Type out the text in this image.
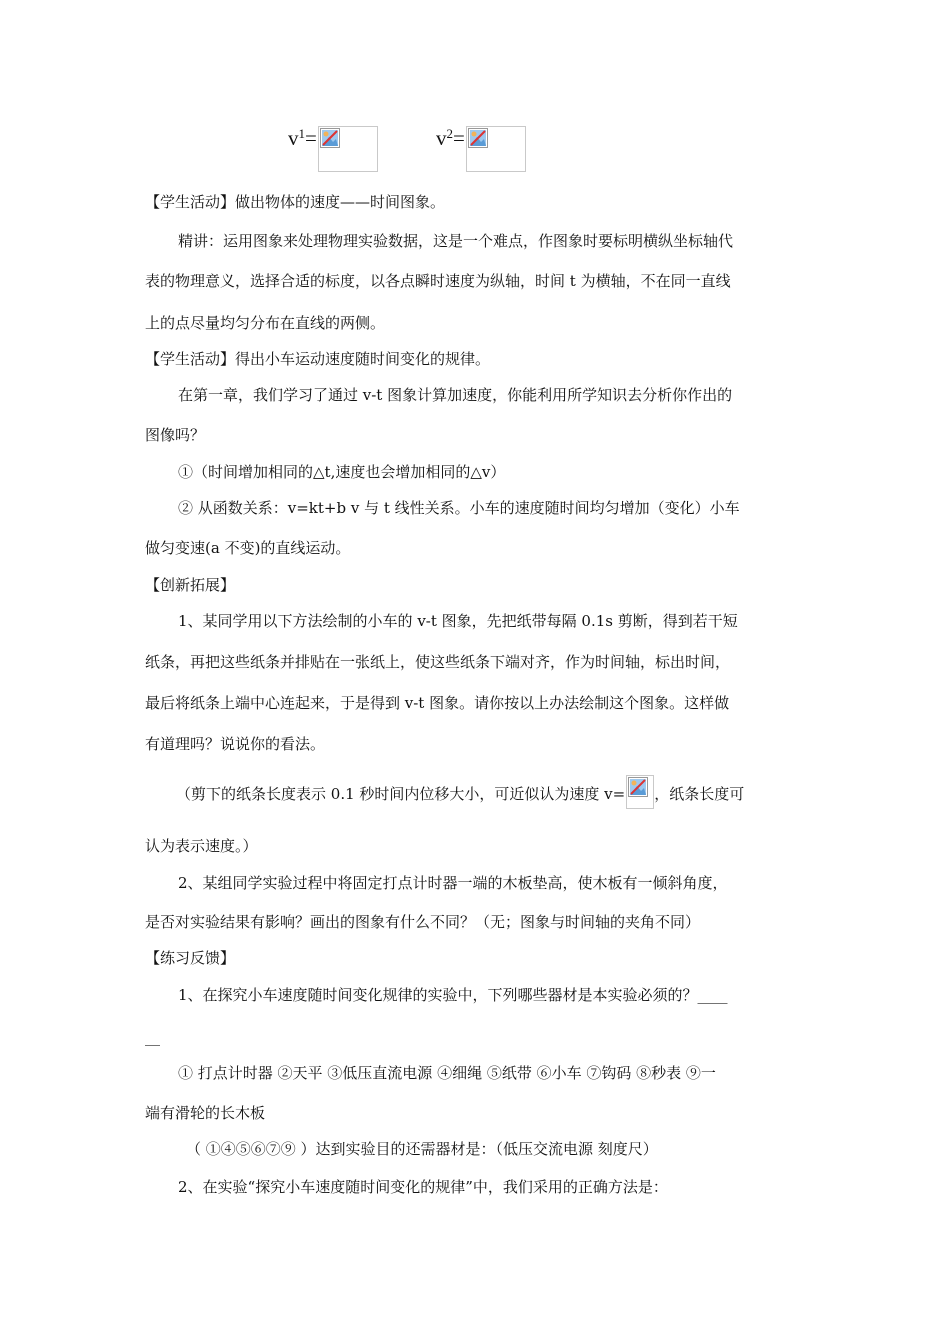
$v^1$ =	$v^2$ =
【学生活动】做出物体的速度——时间图象。
精讲：运用图象来处理物理实验数据，这是一个难点，作图象时要标明横纵坐标轴代
表的物理意义，选择合适的标度，以各点瞬时速度为纵轴，时间 t 为横轴，不在同一直线
上的点尽量均匀分布在直线的两侧。
【学生活动】得出小车运动速度随时间变化的规律。
在第一章，我们学习了通过 v-t 图象计算加速度，你能利用所学知识去分析你作出的
图像吗？
①（时间增加相同的△t,速度也会增加相同的△v）
② 从函数关系：v=kt+b v 与 t 线性关系。小车的速度随时间均匀增加（变化）小车
做匀变速(a 不变)的直线运动。
【创新拓展】
1、某同学用以下方法绘制的小车的 v-t 图象，先把纸带每隔 0.1s 剪断，得到若干短
纸条，再把这些纸条并排贴在一张纸上，使这些纸条下端对齐，作为时间轴，标出时间，
最后将纸条上端中心连起来，于是得到 v-t 图象。请你按以上办法绘制这个图象。这样做
有道理吗？说说你的看法。
（剪下的纸条长度表示 0.1 秒时间内位移大小，可近似认为速度 v= ，纸条长度可
认为表示速度。）
2、某组同学实验过程中将固定打点计时器一端的木板垫高，使木板有一倾斜角度，
是否对实验结果有影响？画出的图象有什么不同？（无；图象与时间轴的夹角不同）
【练习反馈】
1、在探究小车速度随时间变化规律的实验中，下列哪些器材是本实验必须的？____
__
① 打点计时器 ②天平 ③低压直流电源 ④细绳 ⑤纸带 ⑥小车 ⑦钩码 ⑧秒表 ⑨一
端有滑轮的长木板
（ ①④⑤⑥⑦⑨ ）达到实验目的还需器材是：（低压交流电源 刻度尺）
2、在实验“探究小车速度随时间变化的规律”中，我们采用的正确方法是：
